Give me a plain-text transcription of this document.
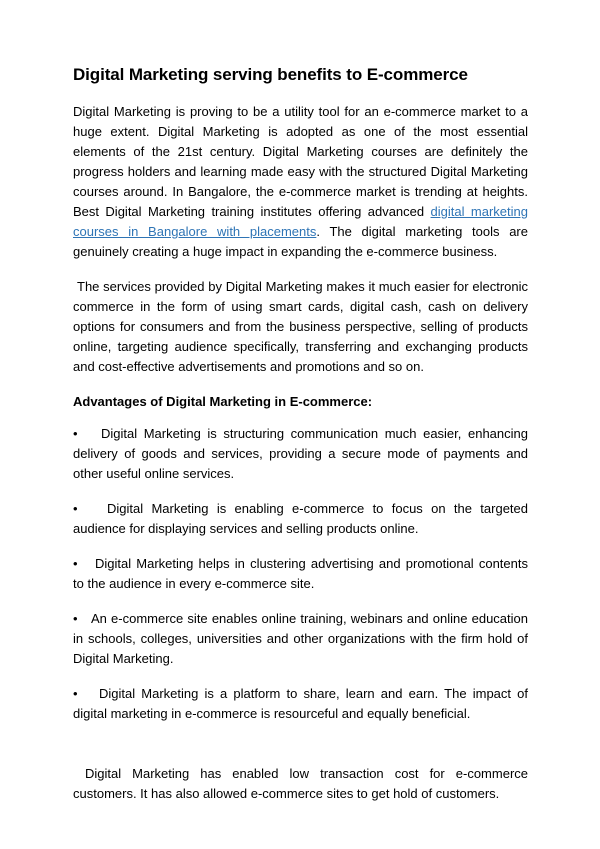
Digital Marketing serving benefits to E-commerce

Digital Marketing is proving to be a utility tool for an e-commerce market to a huge extent. Digital Marketing is adopted as one of the most essential elements of the 21st century. Digital Marketing courses are definitely the progress holders and learning made easy with the structured Digital Marketing courses around. In Bangalore, the e-commerce market is trending at heights. Best Digital Marketing training institutes offering advanced digital marketing courses in Bangalore with placements. The digital marketing tools are genuinely creating a huge impact in expanding the e-commerce business.

The services provided by Digital Marketing makes it much easier for electronic commerce in the form of using smart cards, digital cash, cash on delivery options for consumers and from the business perspective, selling of products online, targeting audience specifically, transferring and exchanging products and cost-effective advertisements and promotions and so on.

Advantages of Digital Marketing in E-commerce:
• Digital Marketing is structuring communication much easier, enhancing delivery of goods and services, providing a secure mode of payments and other useful online services.
• Digital Marketing is enabling e-commerce to focus on the targeted audience for displaying services and selling products online.
• Digital Marketing helps in clustering advertising and promotional contents to the audience in every e-commerce site.
• An e-commerce site enables online training, webinars and online education in schools, colleges, universities and other organizations with the firm hold of Digital Marketing.
• Digital Marketing is a platform to share, learn and earn. The impact of digital marketing in e-commerce is resourceful and equally beneficial.

Digital Marketing has enabled low transaction cost for e-commerce customers. It has also allowed e-commerce sites to get hold of customers.
